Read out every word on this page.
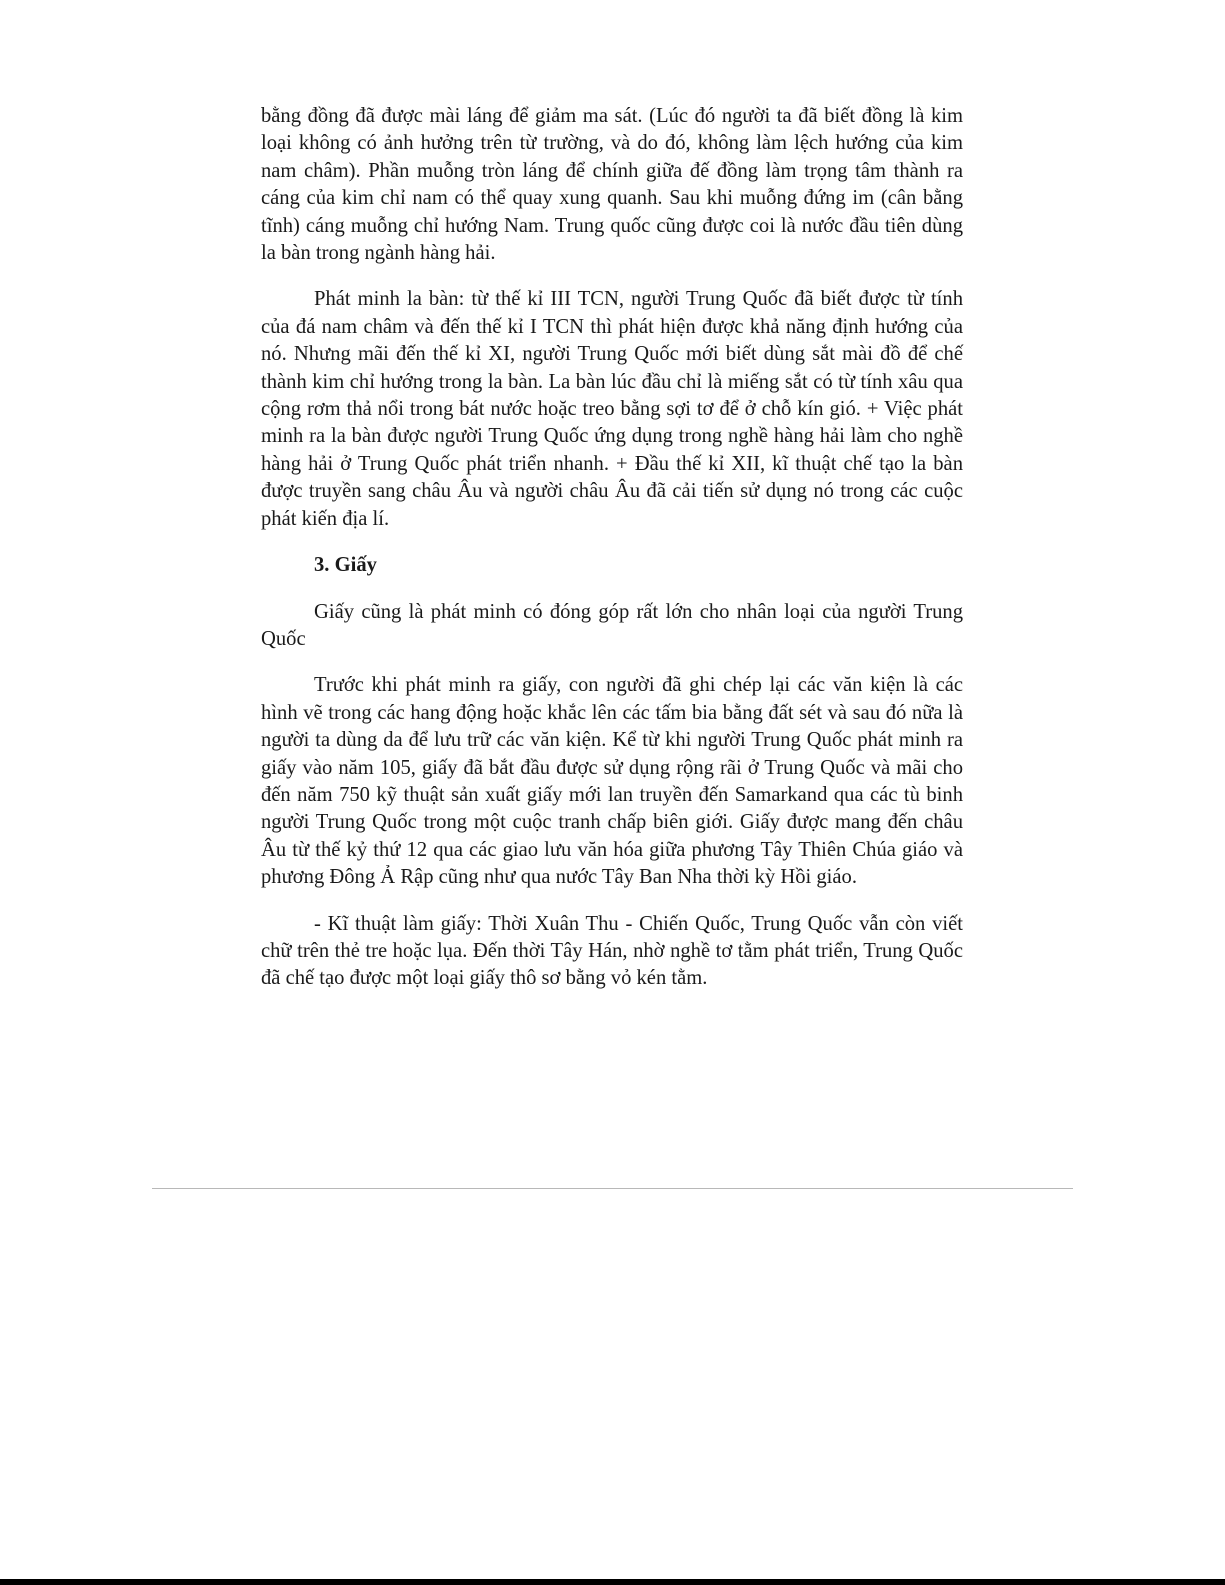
bằng đồng đã được mài láng để giảm ma sát. (Lúc đó người ta đã biết đồng là kim loại không có ảnh hưởng trên từ trường, và do đó, không làm lệch hướng của kim nam châm). Phần muỗng tròn láng để chính giữa đế đồng làm trọng tâm thành ra cáng của kim chỉ nam có thể quay xung quanh. Sau khi muỗng đứng im (cân bằng tĩnh) cáng muỗng chỉ hướng Nam. Trung quốc cũng được coi là nước đầu tiên dùng la bàn trong ngành hàng hải.

Phát minh la bàn: từ thế kỉ III TCN, người Trung Quốc đã biết được từ tính của đá nam châm và đến thế kỉ I TCN thì phát hiện được khả năng định hướng của nó. Nhưng mãi đến thế kỉ XI, người Trung Quốc mới biết dùng sắt mài đồ để chế thành kim chỉ hướng trong la bàn. La bàn lúc đầu chỉ là miếng sắt có từ tính xâu qua cộng rơm thả nổi trong bát nước hoặc treo bằng sợi tơ để ở chỗ kín gió. + Việc phát minh ra la bàn được người Trung Quốc ứng dụng trong nghề hàng hải làm cho nghề hàng hải ở Trung Quốc phát triển nhanh. + Đầu thế kỉ XII, kĩ thuật chế tạo la bàn được truyền sang châu Âu và người châu Âu đã cải tiến sử dụng nó trong các cuộc phát kiến địa lí.

3. Giấy

Giấy cũng là phát minh có đóng góp rất lớn cho nhân loại của người Trung Quốc

Trước khi phát minh ra giấy, con người đã ghi chép lại các văn kiện là các hình vẽ trong các hang động hoặc khắc lên các tấm bia bằng đất sét và sau đó nữa là người ta dùng da để lưu trữ các văn kiện. Kể từ khi người Trung Quốc phát minh ra giấy vào năm 105, giấy đã bắt đầu được sử dụng rộng rãi ở Trung Quốc và mãi cho đến năm 750 kỹ thuật sản xuất giấy mới lan truyền đến Samarkand qua các tù binh người Trung Quốc trong một cuộc tranh chấp biên giới. Giấy được mang đến châu Âu từ thế kỷ thứ 12 qua các giao lưu văn hóa giữa phương Tây Thiên Chúa giáo và phương Đông Ả Rập cũng như qua nước Tây Ban Nha thời kỳ Hồi giáo.

- Kĩ thuật làm giấy: Thời Xuân Thu - Chiến Quốc, Trung Quốc vẫn còn viết chữ trên thẻ tre hoặc lụa. Đến thời Tây Hán, nhờ nghề tơ tằm phát triển, Trung Quốc đã chế tạo được một loại giấy thô sơ bằng vỏ kén tằm.
